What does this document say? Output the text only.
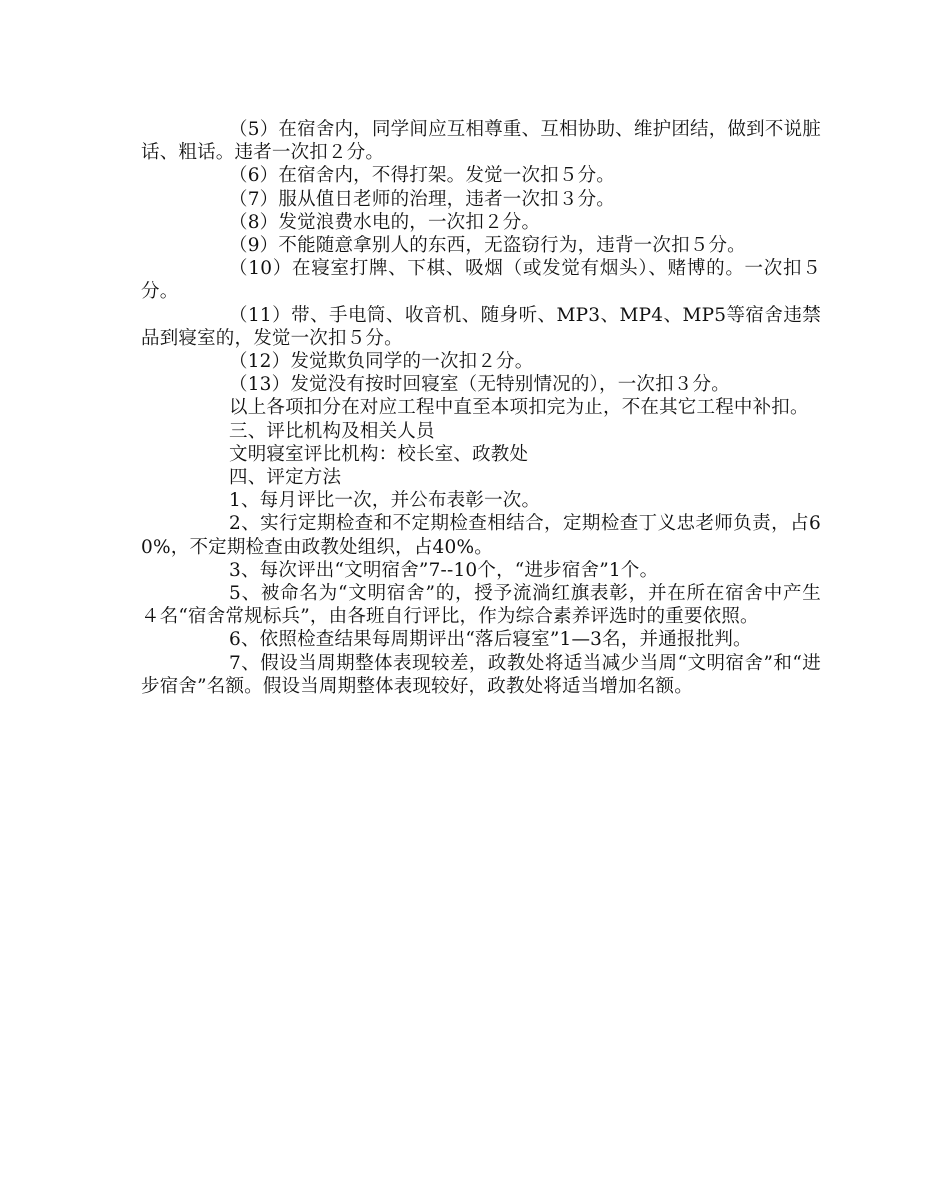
（5）在宿舍内，同学间应互相尊重、互相协助、维护团结，做到不说脏话、粗话。违者一次扣２分。

（6）在宿舍内，不得打架。发觉一次扣５分。

（7）服从值日老师的治理，违者一次扣３分。

（8）发觉浪费水电的，一次扣２分。

（9）不能随意拿别人的东西，无盗窃行为，违背一次扣５分。

（10）在寝室打牌、下棋、吸烟（或发觉有烟头）、赌博的。一次扣５分。

（11）带、手电筒、收音机、随身听、MP3、MP4、MP5等宿舍违禁品到寝室的，发觉一次扣５分。

（12）发觉欺负同学的一次扣２分。

（13）发觉没有按时回寝室（无特别情况的），一次扣３分。

以上各项扣分在对应工程中直至本项扣完为止，不在其它工程中补扣。

三、评比机构及相关人员

文明寝室评比机构：校长室、政教处

四、评定方法

1、每月评比一次，并公布表彰一次。

2、实行定期检查和不定期检查相结合，定期检查丁义忠老师负责，占60%，不定期检查由政教处组织，占40%。

3、每次评出“文明宿舍”7--10个，“进步宿舍”1个。

5、被命名为“文明宿舍”的，授予流淌红旗表彰，并在所在宿舍中产生４名“宿舍常规标兵”，由各班自行评比，作为综合素养评选时的重要依照。

6、依照检查结果每周期评出“落后寝室”1—3名，并通报批判。

7、假设当周期整体表现较差，政教处将适当减少当周“文明宿舍”和“进步宿舍”名额。假设当周期整体表现较好，政教处将适当增加名额。
